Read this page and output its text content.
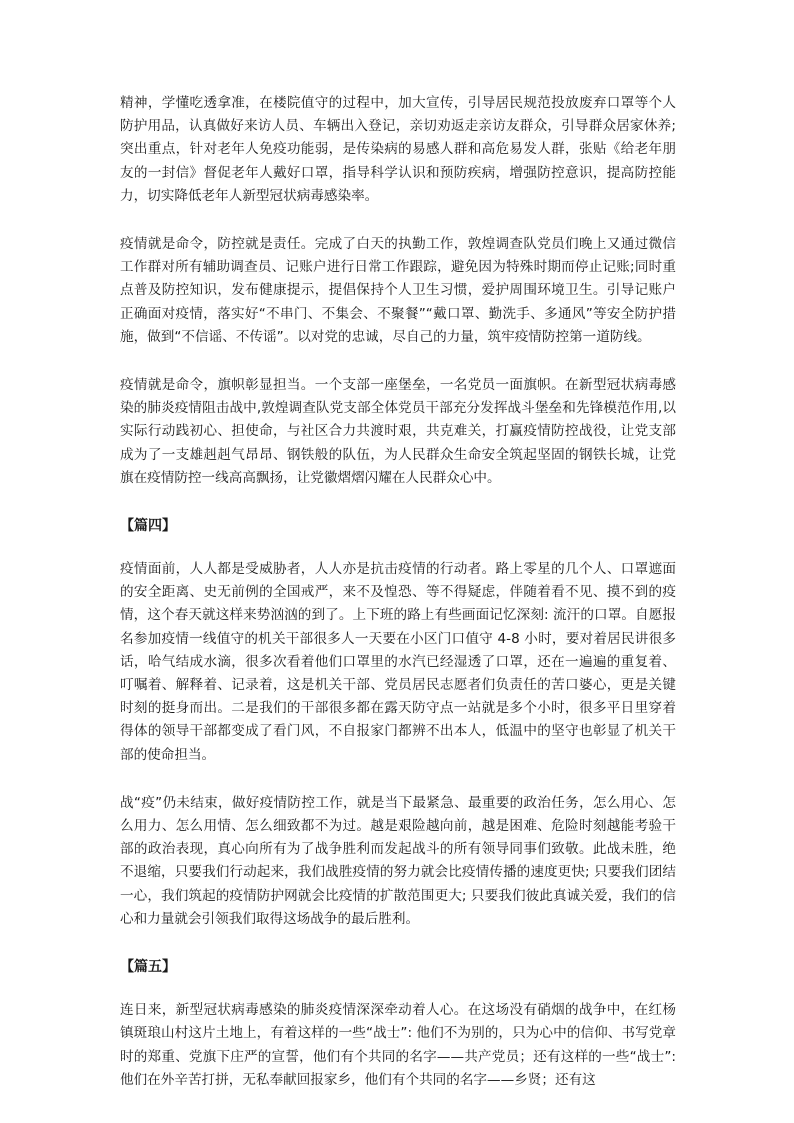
精神，学懂吃透拿准，在楼院值守的过程中，加大宣传，引导居民规范投放废弃口罩等个人防护用品，认真做好来访人员、车辆出入登记，亲切劝返走亲访友群众，引导群众居家休养;突出重点，针对老年人免疫功能弱，是传染病的易感人群和高危易发人群，张贴《给老年朋友的一封信》督促老年人戴好口罩，指导科学认识和预防疾病，增强防控意识，提高防控能力，切实降低老年人新型冠状病毒感染率。

疫情就是命令，防控就是责任。完成了白天的执勤工作，敦煌调查队党员们晚上又通过微信工作群对所有辅助调查员、记账户进行日常工作跟踪，避免因为特殊时期而停止记账;同时重点普及防控知识，发布健康提示，提倡保持个人卫生习惯，爱护周围环境卫生。引导记账户正确面对疫情，落实好“不串门、不集会、不聚餐”“戴口罩、勤洗手、多通风”等安全防护措施，做到“不信谣、不传谣”。以对党的忠诚，尽自己的力量，筑牢疫情防控第一道防线。

疫情就是命令，旗帜彰显担当。一个支部一座堡垒，一名党员一面旗帜。在新型冠状病毒感染的肺炎疫情阻击战中,敦煌调查队党支部全体党员干部充分发挥战斗堡垒和先锋模范作用,以实际行动践初心、担使命，与社区合力共渡时艰，共克难关，打赢疫情防控战役，让党支部成为了一支雄赳赳气昂昂、钢铁般的队伍，为人民群众生命安全筑起坚固的钢铁长城，让党旗在疫情防控一线高高飘扬，让党徽熠熠闪耀在人民群众心中。

【篇四】

疫情面前，人人都是受威胁者，人人亦是抗击疫情的行动者。路上零星的几个人、口罩遮面的安全距离、史无前例的全国戒严，来不及惶恐、等不得疑虑，伴随着看不见、摸不到的疫情，这个春天就这样来势汹汹的到了。上下班的路上有些画面记忆深刻: 流汗的口罩。自愿报名参加疫情一线值守的机关干部很多人一天要在小区门口值守 4-8 小时，要对着居民讲很多话，哈气结成水滴，很多次看着他们口罩里的水汽已经湿透了口罩，还在一遍遍的重复着、叮嘱着、解释着、记录着，这是机关干部、党员居民志愿者们负责任的苦口婆心，更是关键时刻的挺身而出。二是我们的干部很多都在露天防守点一站就是多个小时，很多平日里穿着得体的领导干部都变成了看门风，不自报家门都辨不出本人，低温中的坚守也彰显了机关干部的使命担当。

战“疫”仍未结束，做好疫情防控工作，就是当下最紧急、最重要的政治任务，怎么用心、怎么用力、怎么用情、怎么细致都不为过。越是艰险越向前，越是困难、危险时刻越能考验干部的政治表现，真心向所有为了战争胜利而发起战斗的所有领导同事们致敬。此战未胜，绝不退缩，只要我们行动起来，我们战胜疫情的努力就会比疫情传播的速度更快; 只要我们团结一心，我们筑起的疫情防护网就会比疫情的扩散范围更大; 只要我们彼此真诚关爱，我们的信心和力量就会引领我们取得这场战争的最后胜利。

【篇五】

连日来，新型冠状病毒感染的肺炎疫情深深牵动着人心。在这场没有硝烟的战争中，在红杨镇斑琅山村这片土地上，有着这样的一些“战士”: 他们不为别的，只为心中的信仰、书写党章时的郑重、党旗下庄严的宣誓，他们有个共同的名字——共产党员；还有这样的一些“战士”: 他们在外辛苦打拼，无私奉献回报家乡，他们有个共同的名字——乡贤；还有这
